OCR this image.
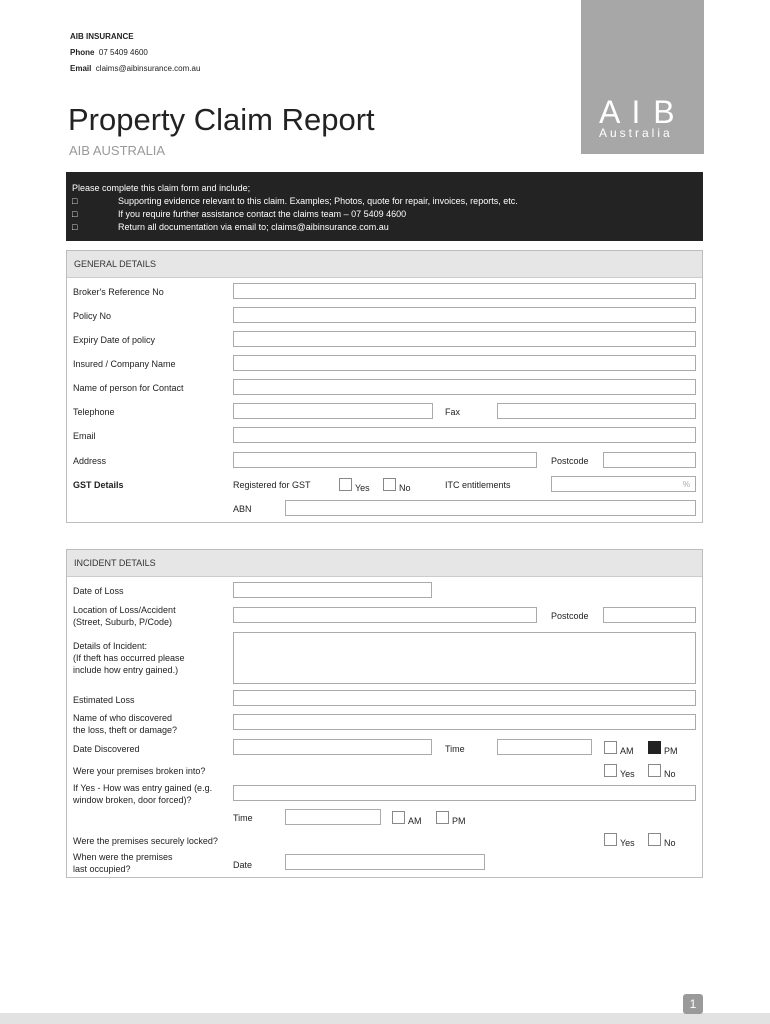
AIB INSURANCE
Phone 07 5409 4600
Email claims@aibinsurance.com.au
A I B
Australia
Property Claim Report
AIB AUSTRALIA
Please complete this claim form and include;
□	Supporting evidence relevant to this claim. Examples; Photos, quote for repair, invoices, reports, etc.
□	If you require further assistance contact the claims team – 07 5409 4600
□	Return all documentation via email to; claims@aibinsurance.com.au
GENERAL DETAILS
Broker's Reference No
Policy No
Expiry Date of policy
Insured / Company Name
Name of person for Contact
Telephone	Fax
Email
Address	Postcode
GST Details	Registered for GST	Yes	No	ITC entitlements	%
ABN
INCIDENT DETAILS
Date of Loss
Location of Loss/Accident
(Street, Suburb, P/Code)
Postcode
Details of Incident:
(If theft has occurred please
include how entry gained.)
Estimated Loss
Name of who discovered
the loss, theft or damage?
Date Discovered	Time	AM	PM
Were your premises broken into?	Yes	No
If Yes - How was entry gained (e.g.
window broken, door forced)?
Time	AM	PM
Were the premises securely locked?	Yes	No
When were the premises
last occupied?	Date
1
